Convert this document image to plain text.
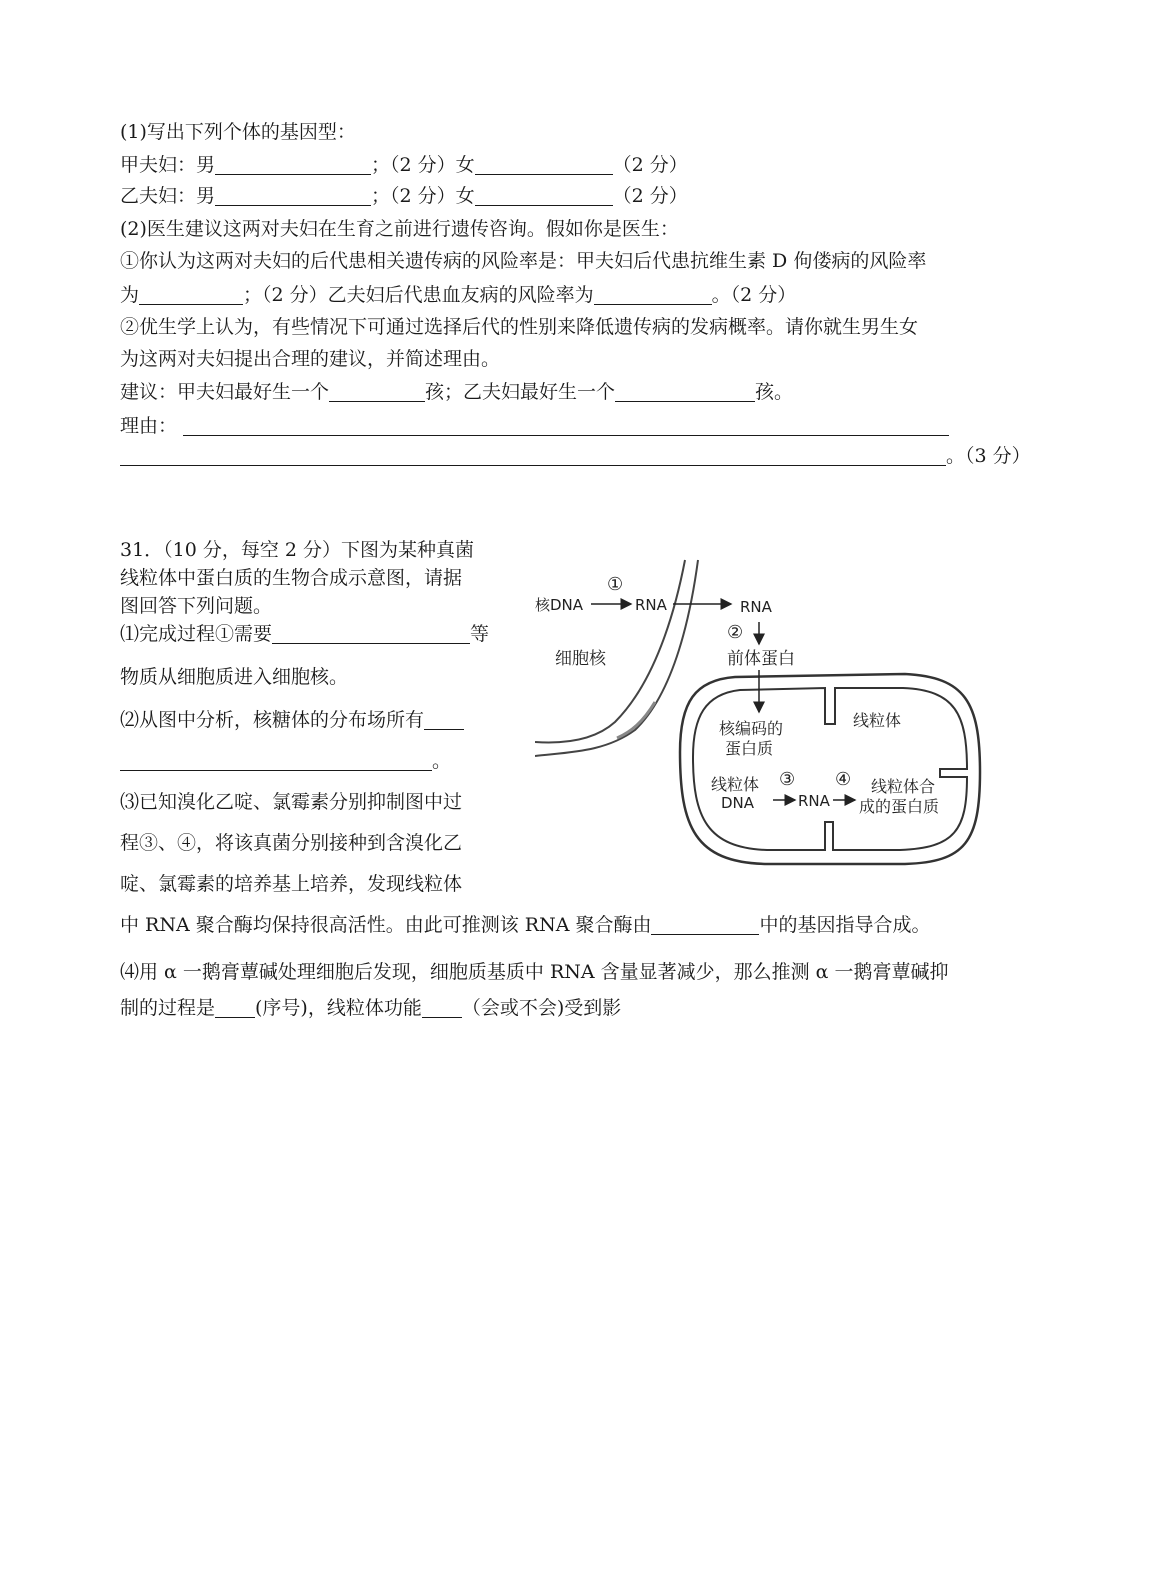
(1)写出下列个体的基因型：
甲夫妇：男	；（2 分）女	（2 分）
乙夫妇：男	；（2 分）女	（2 分）
(2)医生建议这两对夫妇在生育之前进行遗传咨询。假如你是医生：
①你认为这两对夫妇的后代患相关遗传病的风险率是：甲夫妇后代患抗维生素 D 佝偻病的风险率
为	；（2 分）乙夫妇后代患血友病的风险率为	。（2 分）
②优生学上认为，有些情况下可通过选择后代的性别来降低遗传病的发病概率。请你就生男生女
为这两对夫妇提出合理的建议，并简述理由。
建议：甲夫妇最好生一个	孩；乙夫妇最好生一个	孩。
理由：
。（3 分）
31．（10 分，每空 2 分）下图为某种真菌
线粒体中蛋白质的生物合成示意图，请据
图回答下列问题。
⑴完成过程①需要	等
物质从细胞质进入细胞核。
⑵从图中分析，核糖体的分布场所有
。
⑶已知溴化乙啶、氯霉素分别抑制图中过
程③、④，将该真菌分别接种到含溴化乙
啶、氯霉素的培养基上培养，发现线粒体
中 RNA 聚合酶均保持很高活性。由此可推测该 RNA 聚合酶由	中的基因指导合成。
⑷用 α 一鹅膏蕈碱处理细胞后发现，细胞质基质中 RNA 含量显著减少，那么推测 α 一鹅膏蕈碱抑
制的过程是 (序号)，线粒体功能 （会或不会)受到影
核DNA
①
RNA	RNA
②
前体蛋白
细胞核
核编码的
蛋白质
线粒体
线粒体
DNA
③
RNA
④ 线粒体合
成的蛋白质
